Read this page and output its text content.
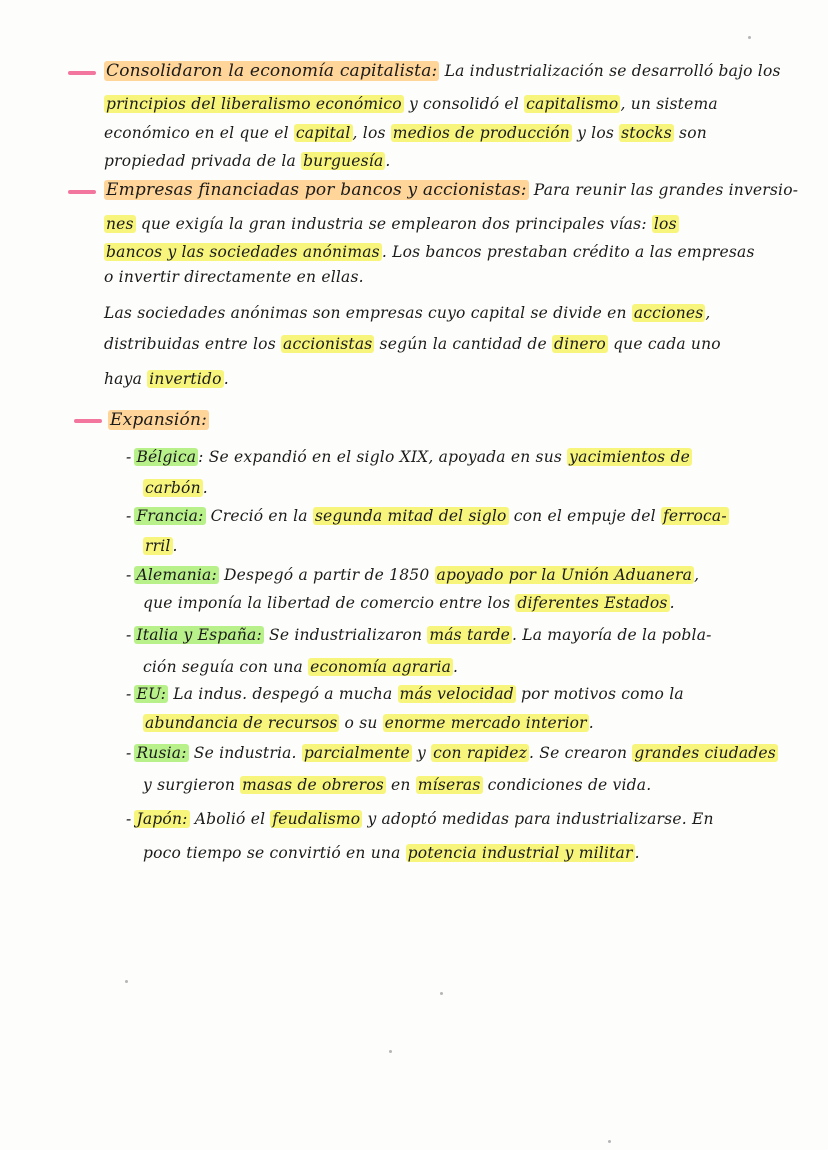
Consolidaron la economía capitalista: La industrialización se desarrolló bajo los
principios del liberalismo económico y consolidó el capitalismo , un sistema
económico en el que el capital , los medios de producción y los stocks son
propiedad privada de la burguesía .
Empresas financiadas por bancos y accionistas: Para reunir las grandes inversio-
nes que exigía la gran industria se emplearon dos principales vías: los
bancos y las sociedades anónimas . Los bancos prestaban crédito a las empresas
o invertir directamente en ellas.
Las sociedades anónimas son empresas cuyo capital se divide en acciones ,
distribuidas entre los accionistas según la cantidad de dinero que cada uno
haya invertido .
Expansión:
- Bélgica : Se expandió en el siglo XIX, apoyada en sus yacimientos de
carbón .
- Francia: Creció en la segunda mitad del siglo con el empuje del ferroca-
rril .
- Alemania: Despegó a partir de 1850 apoyado por la Unión Aduanera ,
que imponía la libertad de comercio entre los diferentes Estados .
- Italia y España: Se industrializaron más tarde . La mayoría de la pobla-
ción seguía con una economía agraria .
- EU: La indus. despegó a mucha más velocidad por motivos como la
abundancia de recursos o su enorme mercado interior .
- Rusia: Se industria. parcialmente y con rapidez . Se crearon grandes ciudades
y surgieron masas de obreros en míseras condiciones de vida.
- Japón: Abolió el feudalismo y adoptó medidas para industrializarse. En
poco tiempo se convirtió en una potencia industrial y militar .
